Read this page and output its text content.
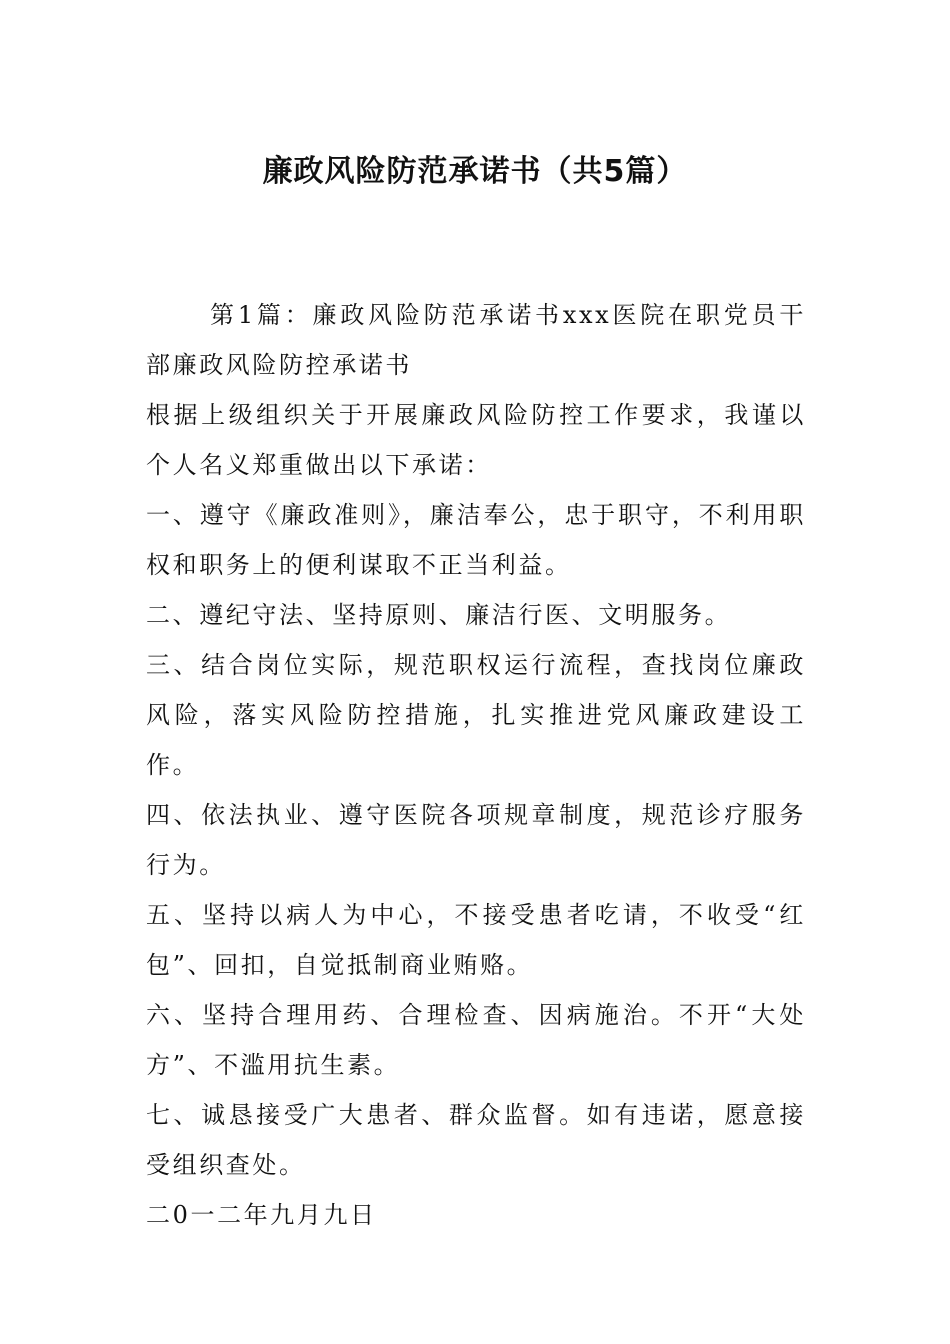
廉政风险防范承诺书（共5篇）

第1篇：廉政风险防范承诺书xxx医院在职党员干部廉政风险防控承诺书

根据上级组织关于开展廉政风险防控工作要求，我谨以个人名义郑重做出以下承诺：

一、遵守《廉政准则》，廉洁奉公，忠于职守，不利用职权和职务上的便利谋取不正当利益。

二、遵纪守法、坚持原则、廉洁行医、文明服务。

三、结合岗位实际，规范职权运行流程，查找岗位廉政风险，落实风险防控措施，扎实推进党风廉政建设工作。

四、依法执业、遵守医院各项规章制度，规范诊疗服务行为。

五、坚持以病人为中心，不接受患者吃请，不收受“红包”、回扣，自觉抵制商业贿赂。

六、坚持合理用药、合理检查、因病施治。不开“大处方”、不滥用抗生素。

七、诚恳接受广大患者、群众监督。如有违诺，愿意接受组织查处。

二0一二年九月九日
